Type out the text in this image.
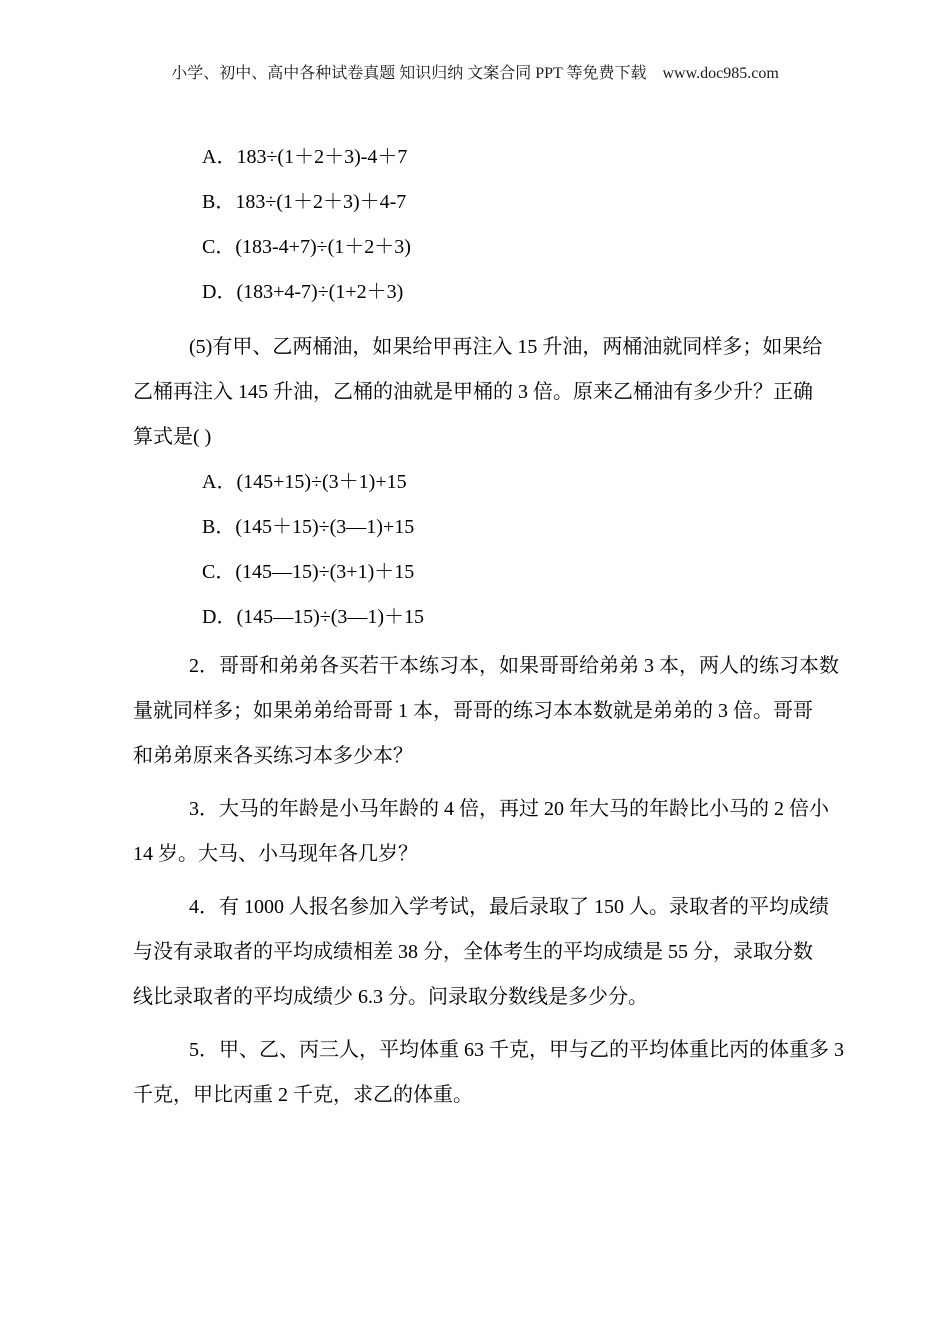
小学、初中、高中各种试卷真题 知识归纳 文案合同 PPT 等免费下载　www.doc985.com
A．183÷(1＋2＋3)-4＋7
B．183÷(1＋2＋3)＋4-7
C．(183-4+7)÷(1＋2＋3)
D．(183+4-7)÷(1+2＋3)
(5)有甲、乙两桶油，如果给甲再注入 15 升油，两桶油就同样多；如果给
乙桶再注入 145 升油，乙桶的油就是甲桶的 3 倍。原来乙桶油有多少升？正确
算式是( )
A．(145+15)÷(3＋1)+15
B．(145＋15)÷(3—1)+15
C．(145—15)÷(3+1)＋15
D．(145—15)÷(3—1)＋15
2．哥哥和弟弟各买若干本练习本，如果哥哥给弟弟 3 本，两人的练习本数
量就同样多；如果弟弟给哥哥 1 本，哥哥的练习本本数就是弟弟的 3 倍。哥哥
和弟弟原来各买练习本多少本？
3．大马的年龄是小马年龄的 4 倍，再过 20 年大马的年龄比小马的 2 倍小
14 岁。大马、小马现年各几岁？
4．有 1000 人报名参加入学考试，最后录取了 150 人。录取者的平均成绩
与没有录取者的平均成绩相差 38 分，全体考生的平均成绩是 55 分，录取分数
线比录取者的平均成绩少 6.3 分。问录取分数线是多少分。
5．甲、乙、丙三人，平均体重 63 千克，甲与乙的平均体重比丙的体重多 3
千克，甲比丙重 2 千克，求乙的体重。
